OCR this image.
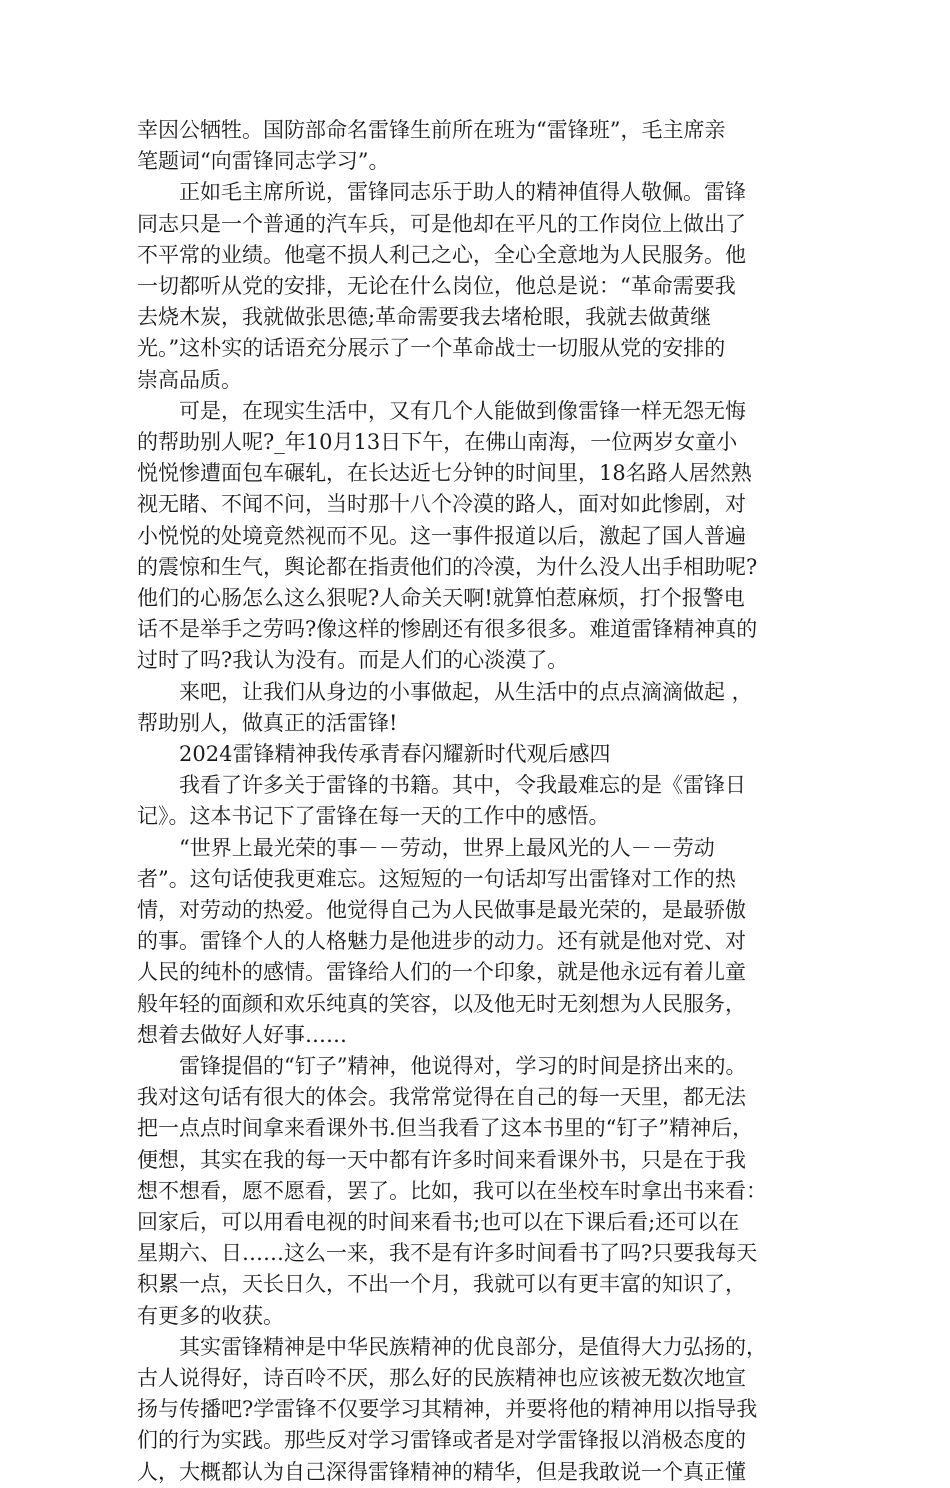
幸因公牺牲。国防部命名雷锋生前所在班为“雷锋班”，毛主席亲
笔题词“向雷锋同志学习”。
　　正如毛主席所说，雷锋同志乐于助人的精神值得人敬佩。雷锋
同志只是一个普通的汽车兵，可是他却在平凡的工作岗位上做出了
不平常的业绩。他毫不损人利己之心，全心全意地为人民服务。他
一切都听从党的安排，无论在什么岗位，他总是说：“革命需要我
去烧木炭，我就做张思德;革命需要我去堵枪眼，我就去做黄继
光。”这朴实的话语充分展示了一个革命战士一切服从党的安排的
崇高品质。
　　可是，在现实生活中，又有几个人能做到像雷锋一样无怨无悔
的帮助别人呢?_年10月13日下午，在佛山南海，一位两岁女童小
悦悦惨遭面包车碾轧，在长达近七分钟的时间里，18名路人居然熟
视无睹、不闻不问，当时那十八个冷漠的路人，面对如此惨剧，对
小悦悦的处境竟然视而不见。这一事件报道以后，激起了国人普遍
的震惊和生气，舆论都在指责他们的冷漠，为什么没人出手相助呢?
他们的心肠怎么这么狠呢?人命关天啊!就算怕惹麻烦，打个报警电
话不是举手之劳吗?像这样的惨剧还有很多很多。难道雷锋精神真的
过时了吗?我认为没有。而是人们的心淡漠了。
　　来吧，让我们从身边的小事做起，从生活中的点点滴滴做起 ，
帮助别人，做真正的活雷锋!
　　2024雷锋精神我传承青春闪耀新时代观后感四
　　我看了许多关于雷锋的书籍。其中，令我最难忘的是《雷锋日
记》。这本书记下了雷锋在每一天的工作中的感悟。
　　“世界上最光荣的事－－劳动，世界上最风光的人－－劳动
者”。这句话使我更难忘。这短短的一句话却写出雷锋对工作的热
情，对劳动的热爱。他觉得自己为人民做事是最光荣的，是最骄傲
的事。雷锋个人的人格魅力是他进步的动力。还有就是他对党、对
人民的纯朴的感情。雷锋给人们的一个印象，就是他永远有着儿童
般年轻的面颜和欢乐纯真的笑容，以及他无时无刻想为人民服务，
想着去做好人好事……
　　雷锋提倡的“钉子”精神，他说得对，学习的时间是挤出来的。
我对这句话有很大的体会。我常常觉得在自己的每一天里，都无法
把一点点时间拿来看课外书.但当我看了这本书里的“钉子”精神后，
便想，其实在我的每一天中都有许多时间来看课外书，只是在于我
想不想看，愿不愿看，罢了。比如，我可以在坐校车时拿出书来看：
回家后，可以用看电视的时间来看书;也可以在下课后看;还可以在
星期六、日……这么一来，我不是有许多时间看书了吗?只要我每天
积累一点，天长日久，不出一个月，我就可以有更丰富的知识了，
有更多的收获。
　　其实雷锋精神是中华民族精神的优良部分，是值得大力弘扬的，
古人说得好，诗百呤不厌，那么好的民族精神也应该被无数次地宣
扬与传播吧?学雷锋不仅要学习其精神，并要将他的精神用以指导我
们的行为实践。那些反对学习雷锋或者是对学雷锋报以消极态度的
人，大概都认为自己深得雷锋精神的精华，但是我敢说一个真正懂
